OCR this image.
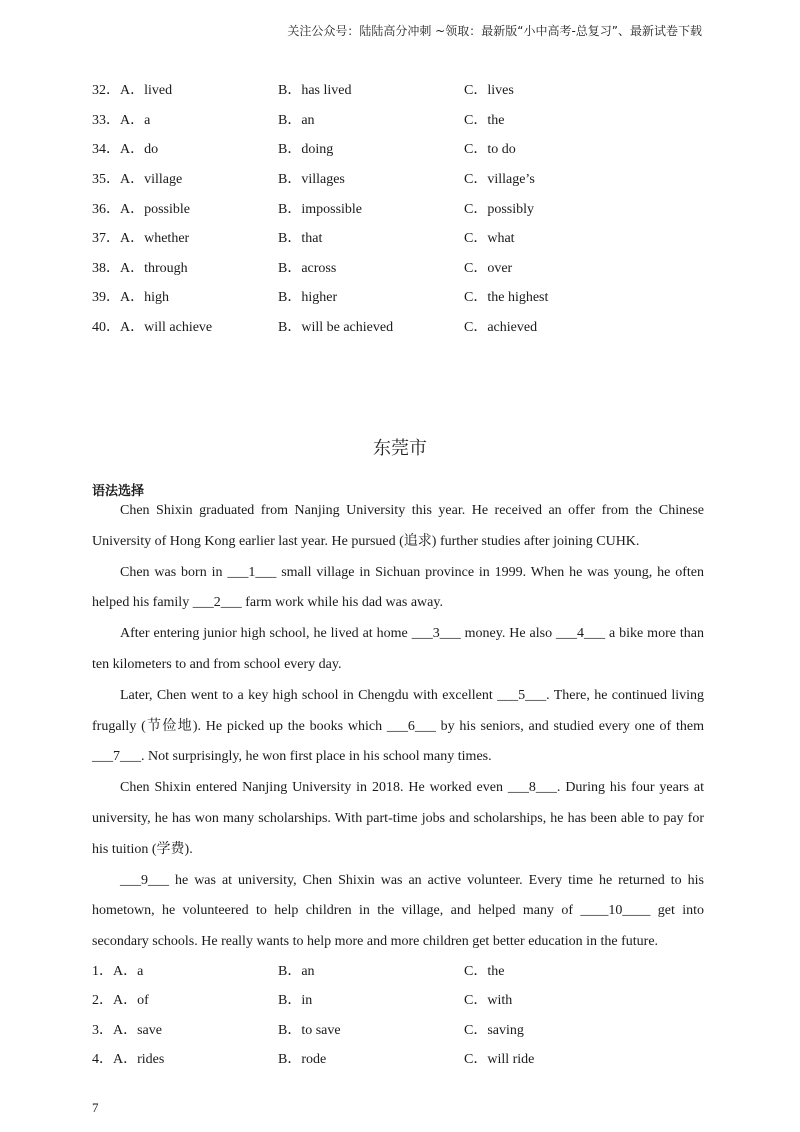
关注公众号：陆陆高分冲刺 ~领取：最新版“小中高考-总复习”、最新试卷下载
32．A．lived	B．has lived	C．lives
33．A．a	B．an	C．the
34．A．do	B．doing	C．to do
35．A．village	B．villages	C．village’s
36．A．possible	B．impossible	C．possibly
37．A．whether	B．that	C．what
38．A．through	B．across	C．over
39．A．high	B．higher	C．the highest
40．A．will achieve	B．will be achieved	C．achieved
东莞市
语法选择

Chen Shixin graduated from Nanjing University this year. He received an offer from the Chinese University of Hong Kong earlier last year. He pursued (追求) further studies after joining CUHK.

Chen was born in ___1___ small village in Sichuan province in 1999. When he was young, he often helped his family ___2___ farm work while his dad was away.

After entering junior high school, he lived at home ___3___ money. He also ___4___ a bike more than ten kilometers to and from school every day.

Later, Chen went to a key high school in Chengdu with excellent ___5___. There, he continued living frugally (节俭地). He picked up the books which ___6___ by his seniors, and studied every one of them ___7___. Not surprisingly, he won first place in his school many times.

Chen Shixin entered Nanjing University in 2018. He worked even ___8___. During his four years at university, he has won many scholarships. With part-time jobs and scholarships, he has been able to pay for his tuition (学费).

___9___ he was at university, Chen Shixin was an active volunteer. Every time he returned to his hometown, he volunteered to help children in the village, and helped many of ____10____ get into secondary schools. He really wants to help more and more children get better education in the future.

1．A．a	B．an	C．the
2．A．of	B．in	C．with
3．A．save	B．to save	C．saving
4．A．rides	B．rode	C．will ride
7
